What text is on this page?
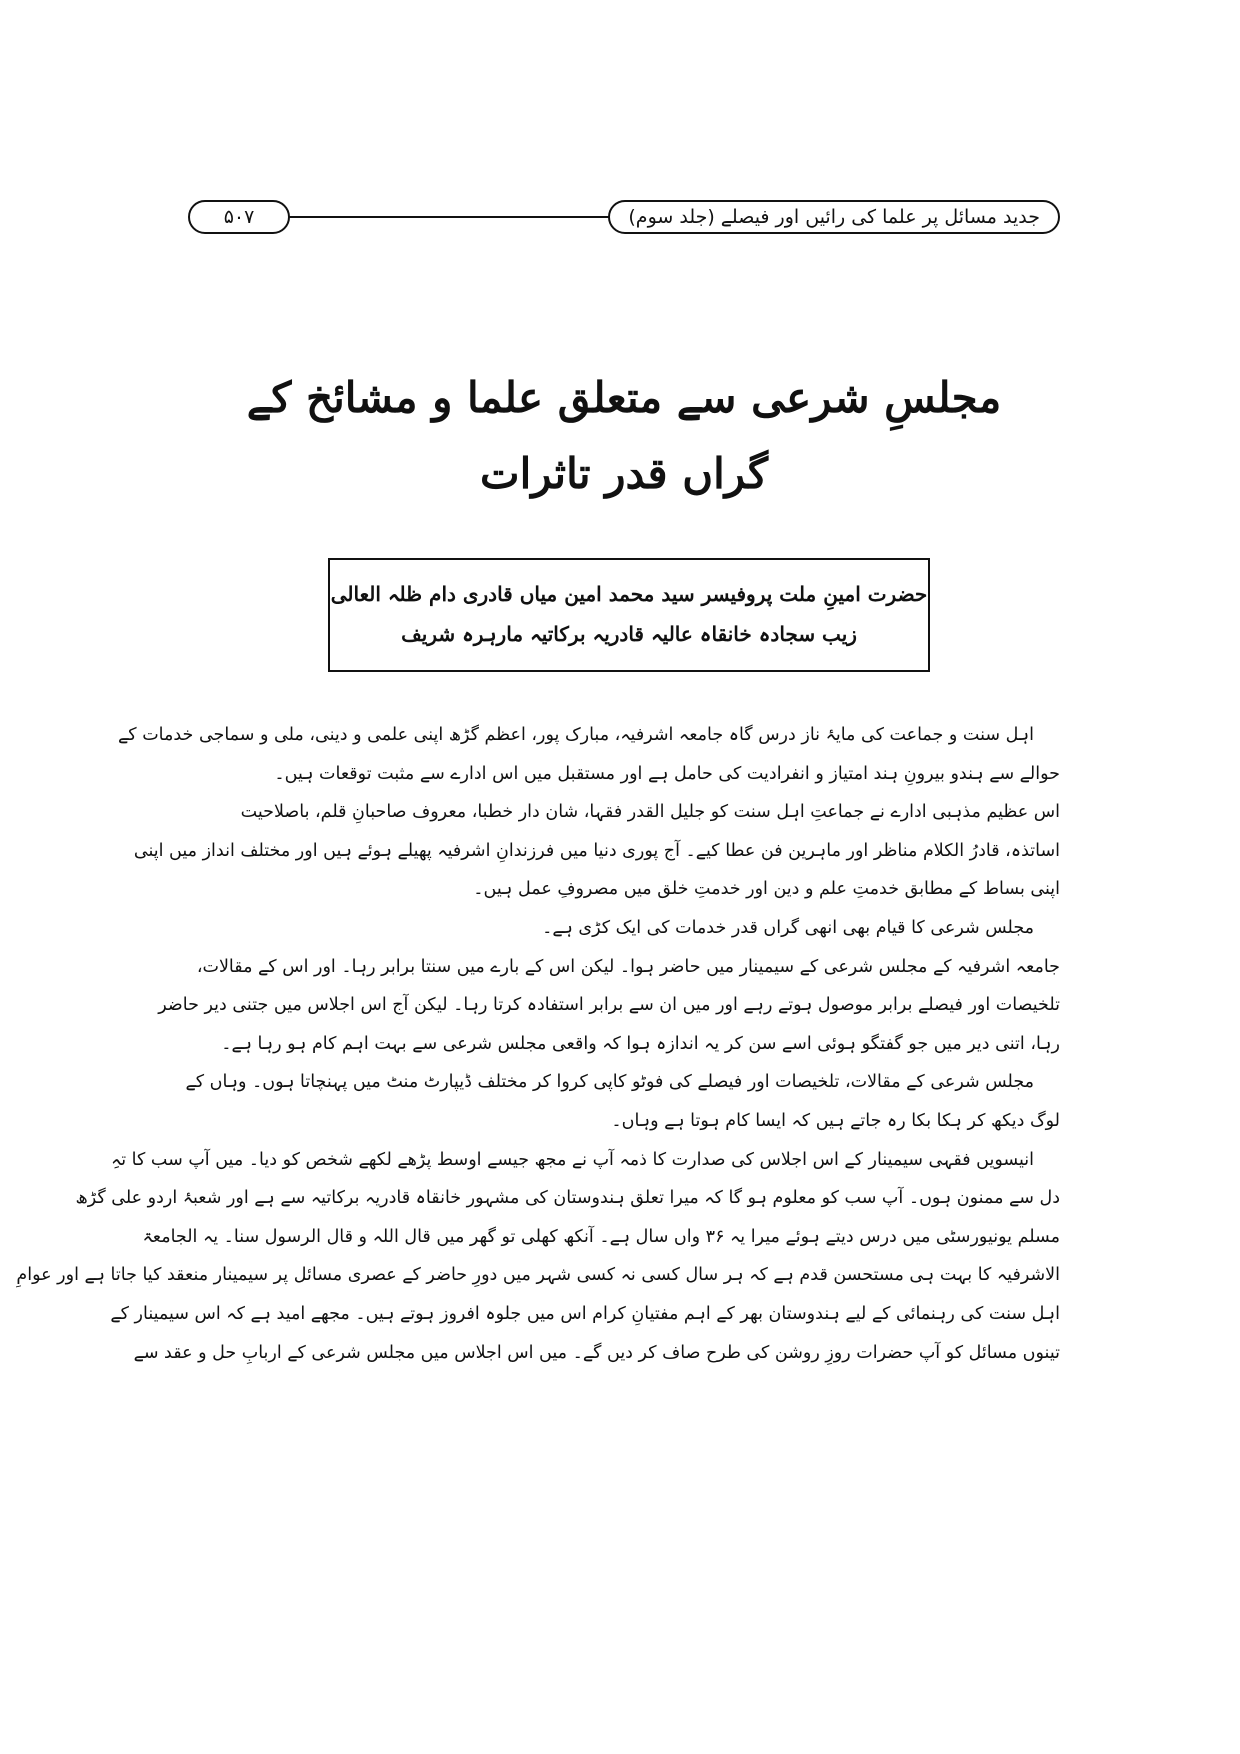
جدید مسائل پر علما کی رائیں اور فیصلے (جلد سوم)
۵۰۷
مجلسِ شرعی سے متعلق علما و مشائخ کے
گراں قدر تاثرات
حضرت امینِ ملت پروفیسر سید محمد امین میاں قادری دام ظلہ العالی
زیب سجادہ خانقاہ عالیہ قادریہ برکاتیہ مارہرہ شریف

اہل سنت و جماعت کی مایۂ ناز درس گاہ جامعہ اشرفیہ، مبارک پور، اعظم گڑھ اپنی علمی و دینی، ملی و سماجی خدمات کے

حوالے سے ہندو بیرونِ ہند امتیاز و انفرادیت کی حامل ہے اور مستقبل میں اس ادارے سے مثبت توقعات ہیں۔

اس عظیم مذہبی ادارے نے جماعتِ اہل سنت کو جلیل القدر فقہا، شان دار خطبا، معروف صاحبانِ قلم، باصلاحیت

اساتذہ، قادرُ الکلام مناظر اور ماہرین فن عطا کیے۔ آج پوری دنیا میں فرزندانِ اشرفیہ پھیلے ہوئے ہیں اور مختلف انداز میں اپنی

اپنی بساط کے مطابق خدمتِ علم و دین اور خدمتِ خلق میں مصروفِ عمل ہیں۔

مجلس شرعی کا قیام بھی انھی گراں قدر خدمات کی ایک کڑی ہے۔

جامعہ اشرفیہ کے مجلس شرعی کے سیمینار میں حاضر ہوا۔ لیکن اس کے بارے میں سنتا برابر رہا۔ اور اس کے مقالات،

تلخیصات اور فیصلے برابر موصول ہوتے رہے اور میں ان سے برابر استفادہ کرتا رہا۔ لیکن آج اس اجلاس میں جتنی دیر حاضر

رہا، اتنی دیر میں جو گفتگو ہوئی اسے سن کر یہ اندازہ ہوا کہ واقعی مجلس شرعی سے بہت اہم کام ہو رہا ہے۔

مجلس شرعی کے مقالات، تلخیصات اور فیصلے کی فوٹو کاپی کروا کر مختلف ڈیپارٹ منٹ میں پہنچاتا ہوں۔ وہاں کے

لوگ دیکھ کر ہکا بکا رہ جاتے ہیں کہ ایسا کام ہوتا ہے وہاں۔

انیسویں فقہی سیمینار کے اس اجلاس کی صدارت کا ذمہ آپ نے مجھ جیسے اوسط پڑھے لکھے شخص کو دیا۔ میں آپ سب کا تہِ

دل سے ممنون ہوں۔ آپ سب کو معلوم ہو گا کہ میرا تعلق ہندوستان کی مشہور خانقاہ قادریہ برکاتیہ سے ہے اور شعبۂ اردو علی گڑھ

مسلم یونیورسٹی میں درس دیتے ہوئے میرا یہ ۳۶ واں سال ہے۔ آنکھ کھلی تو گھر میں قال اللہ و قال الرسول سنا۔ یہ الجامعۃ

الاشرفیہ کا بہت ہی مستحسن قدم ہے کہ ہر سال کسی نہ کسی شہر میں دورِ حاضر کے عصری مسائل پر سیمینار منعقد کیا جاتا ہے اور عوامِ

اہل سنت کی رہنمائی کے لیے ہندوستان بھر کے اہم مفتیانِ کرام اس میں جلوہ افروز ہوتے ہیں۔ مجھے امید ہے کہ اس سیمینار کے

تینوں مسائل کو آپ حضرات روزِ روشن کی طرح صاف کر دیں گے۔ میں اس اجلاس میں مجلس شرعی کے اربابِ حل و عقد سے
